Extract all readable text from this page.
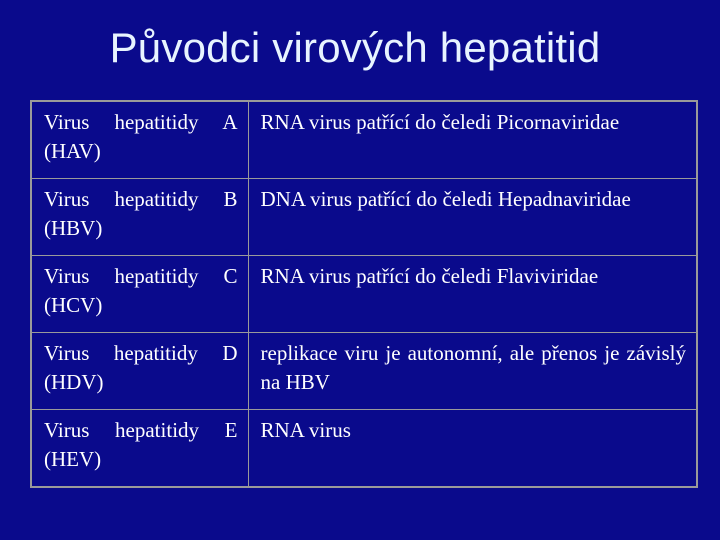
Původci virových hepatitid
Virus hepatitidy A
(HAV)	RNA virus patřící do čeledi Picornaviridae

Virus hepatitidy B
(HBV)	DNA virus patřící do čeledi Hepadnaviridae

Virus hepatitidy C
(HCV)	RNA virus patřící do čeledi Flaviviridae

Virus hepatitidy D
(HDV)	replikace viru je autonomní, ale přenos je závislý na HBV

Virus hepatitidy E
(HEV)	RNA virus
